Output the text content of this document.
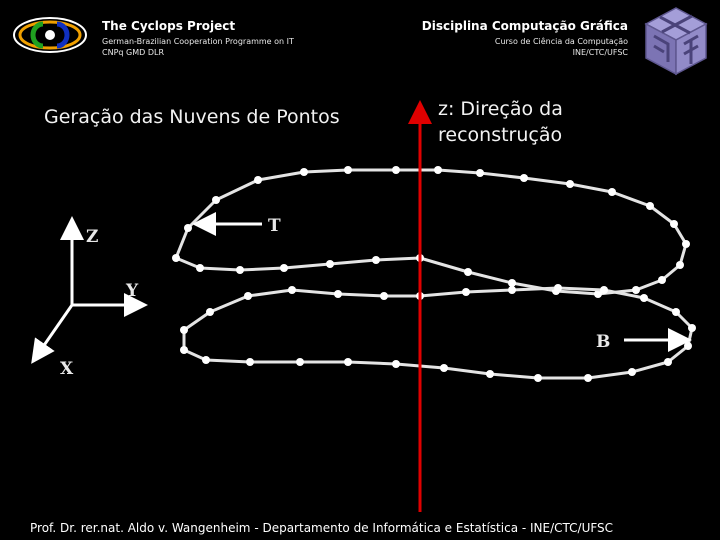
The Cyclops Project
German-Brazilian Cooperation Programme on IT
CNPq GMD DLR
Disciplina Computação Gráfica
Curso de Ciência da Computação
INE/CTC/UFSC
Geração das Nuvens de Pontos	z: Direção da reconstrução
Z
Y
X
T
B
Prof. Dr. rer.nat. Aldo v. Wangenheim - Departamento de Informática e Estatística - INE/CTC/UFSC
